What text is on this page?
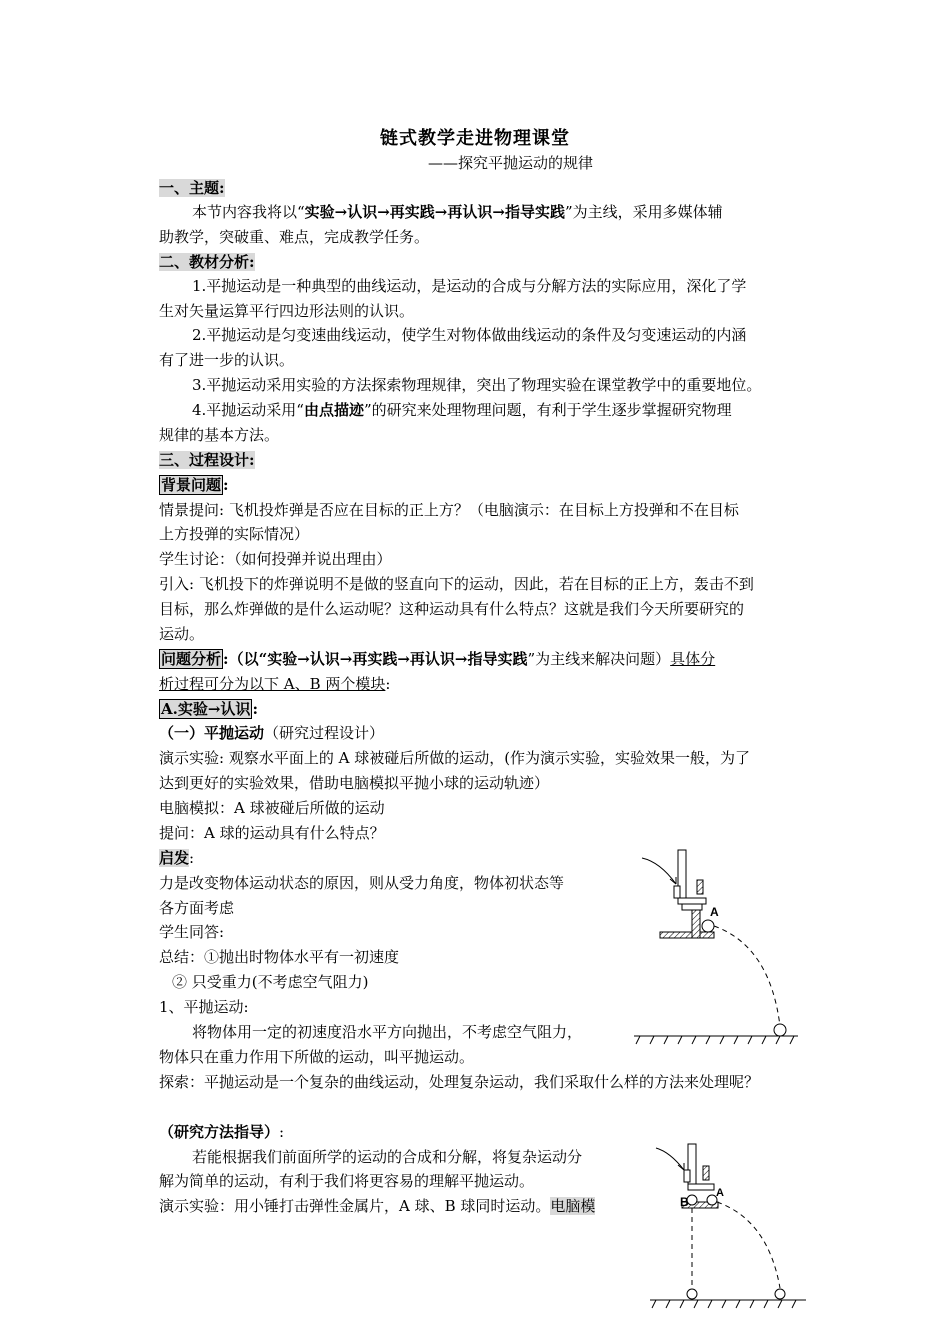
链式教学走进物理课堂
——探究平抛运动的规律
一、主题:
本节内容我将以“实验→认识→再实践→再认识→指导实践”为主线，采用多媒体辅
助教学，突破重、难点，完成教学任务。
二、教材分析:
1.平抛运动是一种典型的曲线运动，是运动的合成与分解方法的实际应用，深化了学
生对矢量运算平行四边形法则的认识。
2.平抛运动是匀变速曲线运动，使学生对物体做曲线运动的条件及匀变速运动的内涵
有了进一步的认识。
3.平抛运动采用实验的方法探索物理规律，突出了物理实验在课堂教学中的重要地位。
4.平抛运动采用“由点描迹”的研究来处理物理问题，有利于学生逐步掌握研究物理
规律的基本方法。
三、过程设计:
背景问题 :
情景提问: 飞机投炸弹是否应在目标的正上方？（电脑演示：在目标上方投弹和不在目标
上方投弹的实际情况）
学生讨论：（如何投弹并说出理由）
引入: 飞机投下的炸弹说明不是做的竖直向下的运动，因此，若在目标的正上方，轰击不到
目标，那么炸弹做的是什么运动呢？这种运动具有什么特点？这就是我们今天所要研究的
运动。
问题分析 :（以“实验→认识→再实践→再认识→指导实践”为主线来解决问题）具体分
析过程可分为以下 A、B 两个模块:
A.实验→认识 :
（一）平抛运动（研究过程设计）
演示实验: 观察水平面上的 A 球被碰后所做的运动，(作为演示实验，实验效果一般，为了
达到更好的实验效果，借助电脑模拟平抛小球的运动轨迹）
电脑模拟：A 球被碰后所做的运动
提问：A 球的运动具有什么特点？
启发:
力是改变物体运动状态的原因，则从受力角度，物体初状态等
各方面考虑
学生同答:
总结：①抛出时物体水平有一初速度
② 只受重力(不考虑空气阻力)
1、平抛运动:
将物体用一定的初速度沿水平方向抛出，不考虑空气阻力，
物体只在重力作用下所做的运动，叫平抛运动。
探索：平抛运动是一个复杂的曲线运动，处理复杂运动，我们采取什么样的方法来处理呢？
（研究方法指导）:
若能根据我们前面所学的运动的合成和分解，将复杂运动分
解为简单的运动，有利于我们将更容易的理解平抛运动。
演示实验：用小锤打击弹性金属片，A 球、B 球同时运动。电脑模
A
B
A
